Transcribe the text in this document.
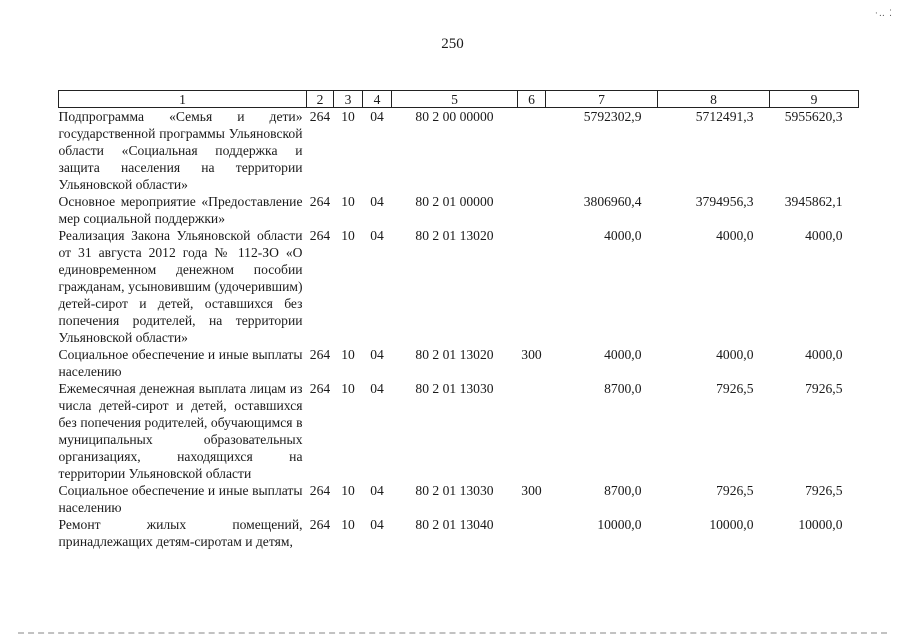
·‥ ⁚
250
1	2	3	4	5	6	7	8	9
Подпрограмма «Семья и дети» государственной программы Ульяновской области «Социальная поддержка и защита населения на территории Ульяновской области»	264	10	04	80 2 00 00000		5792302,9	5712491,3	5955620,3
Основное мероприятие «Предоставление мер социальной поддержки»	264	10	04	80 2 01 00000		3806960,4	3794956,3	3945862,1
Реализация Закона Ульяновской области от 31 августа 2012 года № 112-ЗО «О единовременном денежном пособии гражданам, усыновившим (удочерившим) детей-сирот и детей, оставшихся без попечения родителей, на территории Ульяновской области»	264	10	04	80 2 01 13020		4000,0	4000,0	4000,0
Социальное обеспечение и иные выплаты населению	264	10	04	80 2 01 13020	300	4000,0	4000,0	4000,0
Ежемесячная денежная выплата лицам из числа детей-сирот и детей, оставшихся без попечения родителей, обучающимся в муниципальных образовательных организациях, находящихся на территории Ульяновской области	264	10	04	80 2 01 13030		8700,0	7926,5	7926,5
Социальное обеспечение и иные выплаты населению	264	10	04	80 2 01 13030	300	8700,0	7926,5	7926,5
Ремонт жилых помещений, принадлежащих детям-сиротам и детям,	264	10	04	80 2 01 13040		10000,0	10000,0	10000,0
